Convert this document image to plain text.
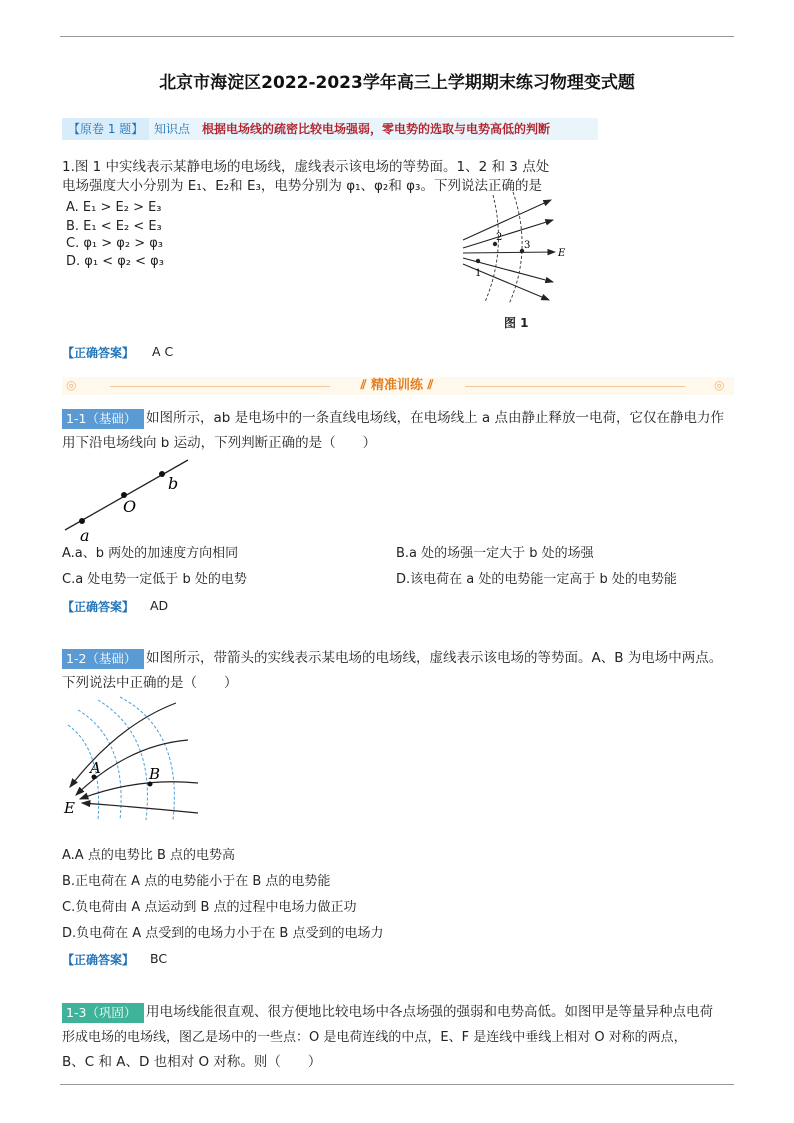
北京市海淀区2022-2023学年高三上学期期末练习物理变式题
【原卷 1 题】 知识点 根据电场线的疏密比较电场强弱，零电势的选取与电势高低的判断
1.图 1 中实线表示某静电场的电场线，虚线表示该电场的等势面。1、2 和 3 点处
电场强度大小分别为 E₁、E₂和 E₃，电势分别为 φ₁、φ₂和 φ₃。下列说法正确的是
A. E₁ > E₂ > E₃
B. E₁ < E₂ < E₃
C. φ₁ > φ₂ > φ₃
D. φ₁ < φ₂ < φ₃
1
2
3
E
图 1
【正确答案】 A C
◎	◎
⫽ 精准训练 ⫽
1-1（基础） 如图所示，ab 是电场中的一条直线电场线，在电场线上 a 点由静止释放一电荷，它仅在静电力作
用下沿电场线向 b 运动，下列判断正确的是（　　）
a
O
b
A.a、b 两处的加速度方向相同	B.a 处的场强一定大于 b 处的场强
C.a 处电势一定低于 b 处的电势	D.该电荷在 a 处的电势能一定高于 b 处的电势能
【正确答案】 AD
1-2（基础） 如图所示，带箭头的实线表示某电场的电场线，虚线表示该电场的等势面。A、B 为电场中两点。
下列说法中正确的是（　　）
A	B
E
A.A 点的电势比 B 点的电势高
B.正电荷在 A 点的电势能小于在 B 点的电势能
C.负电荷由 A 点运动到 B 点的过程中电场力做正功
D.负电荷在 A 点受到的电场力小于在 B 点受到的电场力
【正确答案】 BC
1-3（巩固） 用电场线能很直观、很方便地比较电场中各点场强的强弱和电势高低。如图甲是等量异种点电荷
形成电场的电场线，图乙是场中的一些点：O 是电荷连线的中点，E、F 是连线中垂线上相对 O 对称的两点，
B、C 和 A、D 也相对 O 对称。则（　　）
